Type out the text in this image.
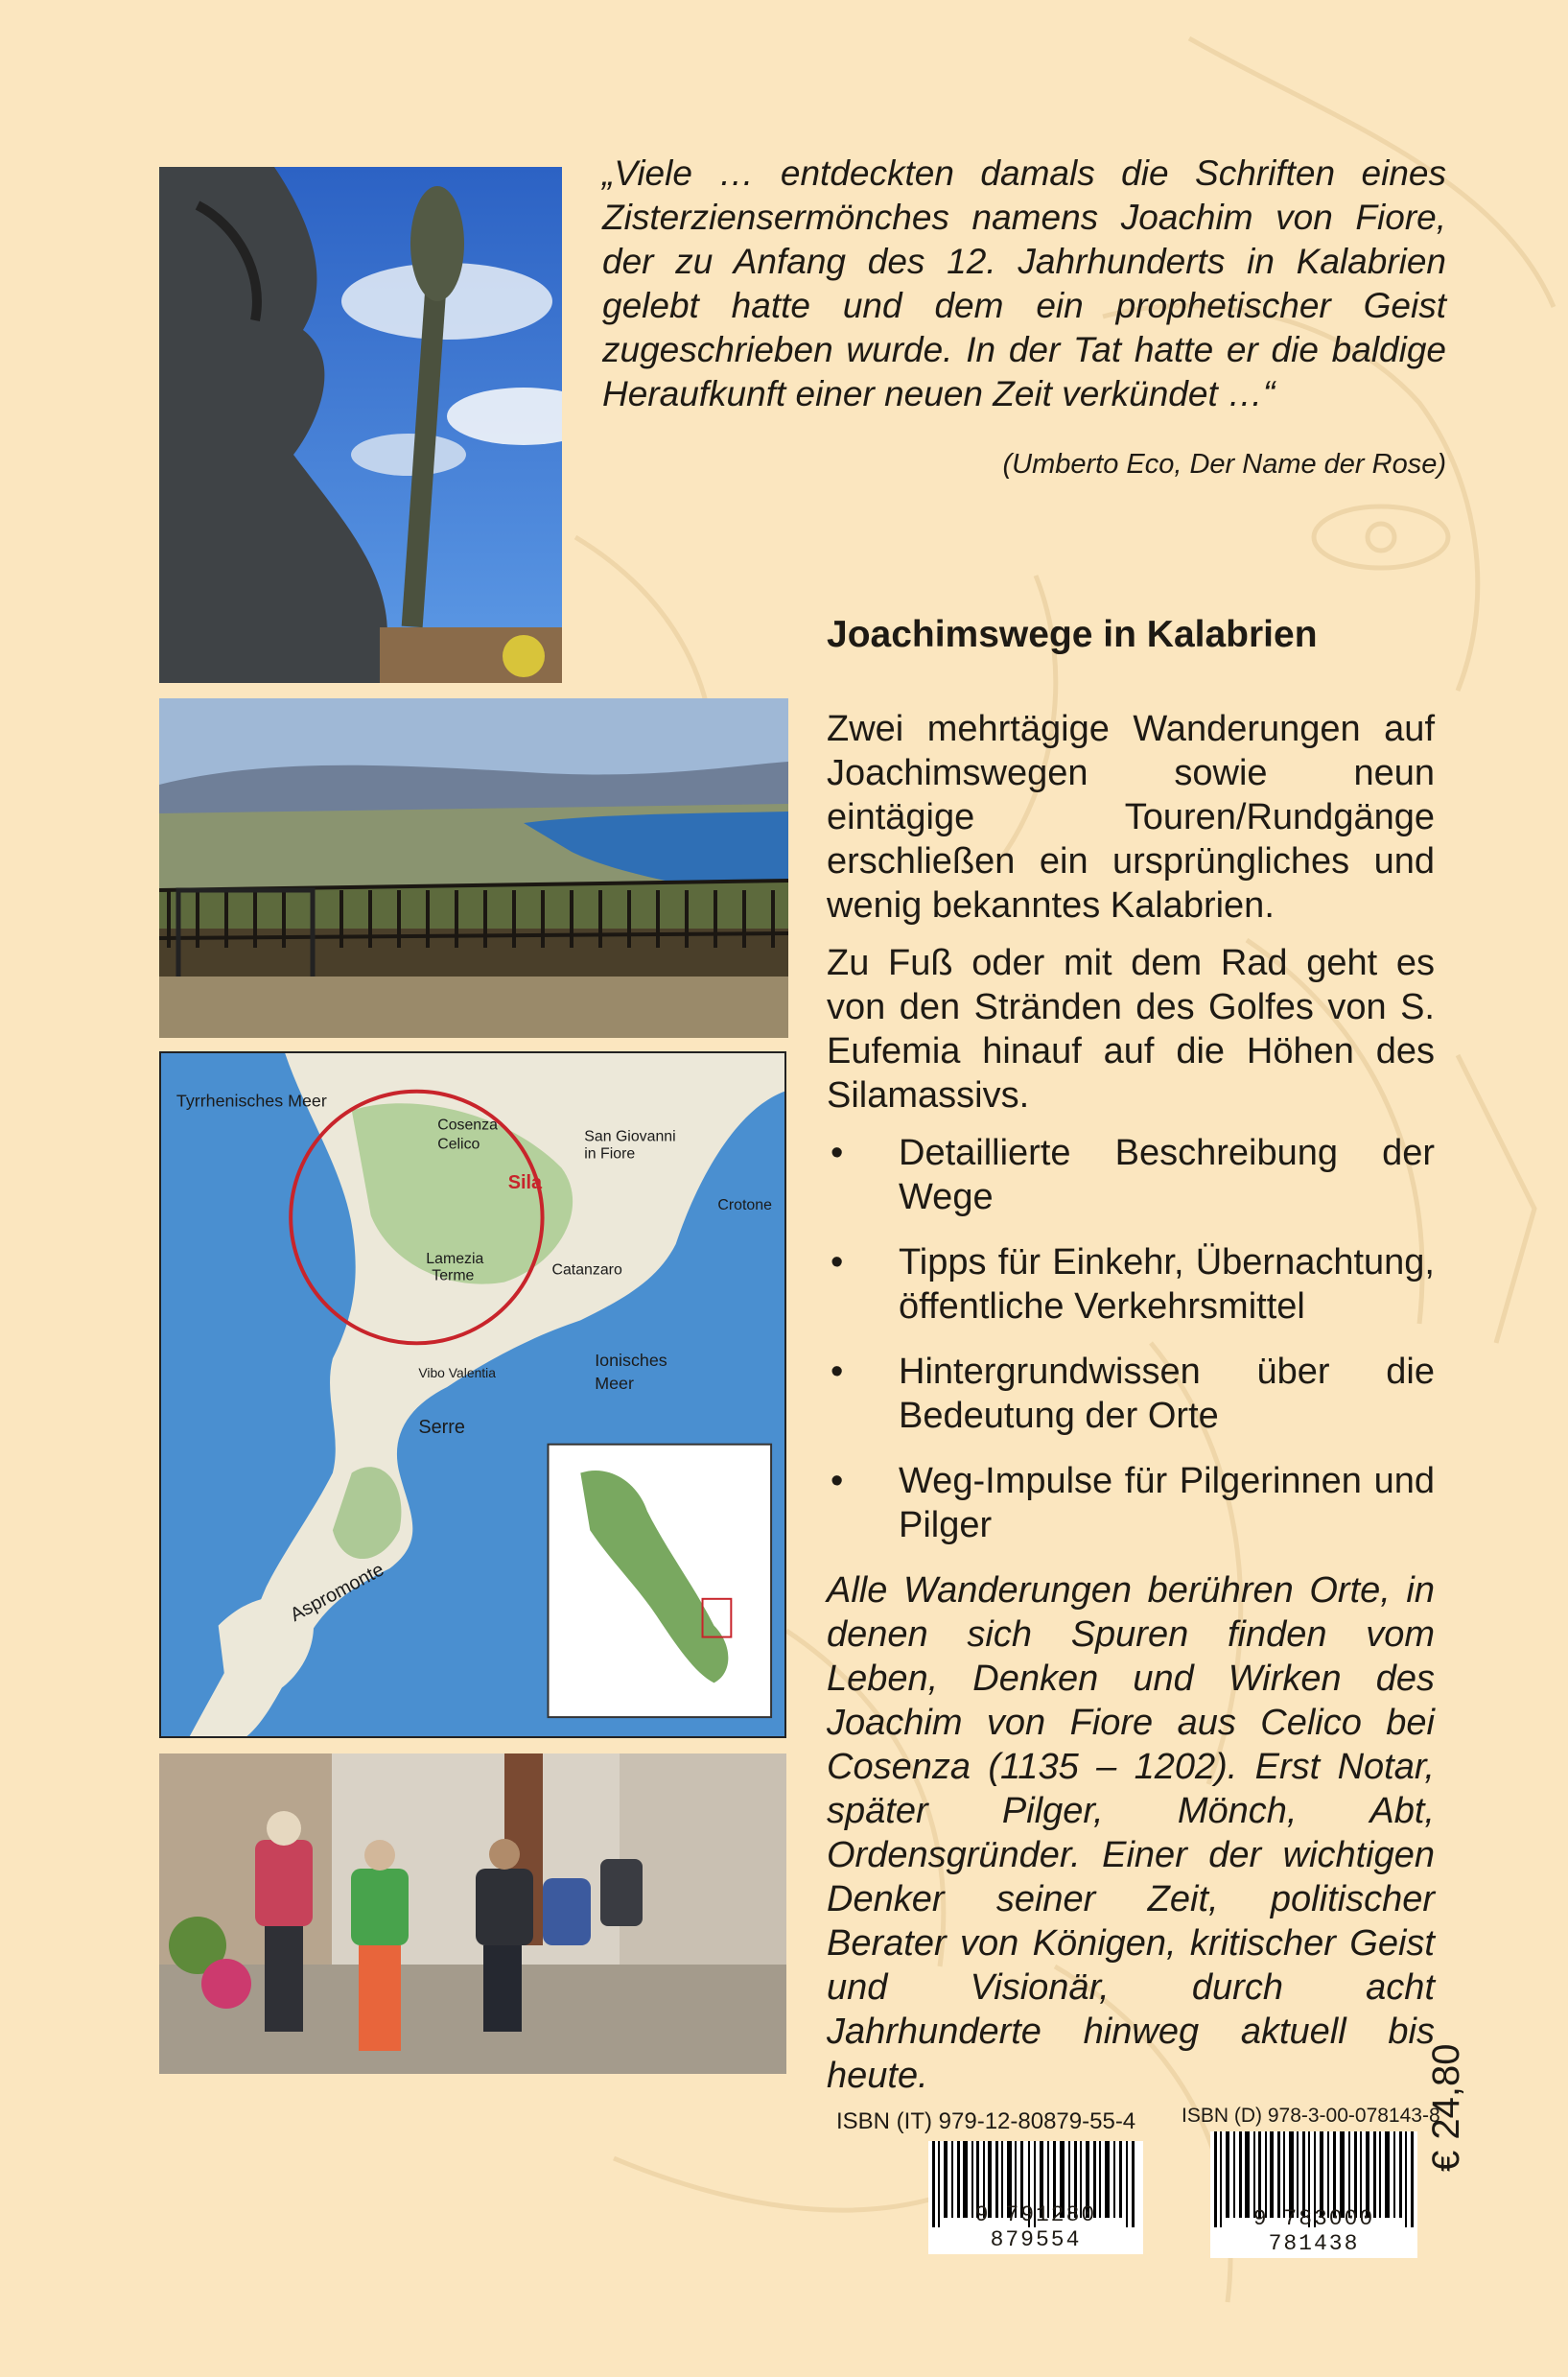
„Viele … entdeckten damals die Schriften eines Zisterziensermönches namens Joachim von Fiore, der zu Anfang des 12. Jahrhunderts in Kalabrien gelebt hatte und dem ein prophetischer Geist zugeschrieben wurde. In der Tat hatte er die baldige Heraufkunft einer neuen Zeit verkündet …“
(Umberto Eco, Der Name der Rose)
Tyrrhenisches Meer
Ionisches
Meer
Cosenza
Celico	San Giovanni
in Fiore
Sila
Crotone
Lamezia
Terme	Catanzaro
Vibo Valentia
Serre
Aspromonte
Joachimswege in Kalabrien

Zwei mehrtägige Wanderungen auf Joachimswegen sowie neun eintägige Touren/Rundgänge erschließen ein ursprüngliches und wenig bekanntes Kalabrien.

Zu Fuß oder mit dem Rad geht es von den Stränden des Golfes von S. Eufemia hinauf auf die Höhen des Silamassivs.

• Detaillierte Beschreibung der Wege
• Tipps für Einkehr, Übernachtung, öffentliche Verkehrsmittel
• Hintergrundwissen über die Bedeutung der Orte
• Weg-Impulse für Pilgerinnen und Pilger

Alle Wanderungen berühren Orte, in denen sich Spuren finden vom Leben, Denken und Wirken des Joachim von Fiore aus Celico bei Cosenza (1135 – 1202). Erst Notar, später Pilger, Mönch, Abt, Ordensgründer. Einer der wichtigen Denker seiner Zeit, politischer Berater von Königen, kritischer Geist und Visionär, durch acht Jahrhunderte hinweg aktuell bis heute.

ISBN (IT) 979-12-80879-55-4 ISBN (D) 978-3-00-078143-8
9 791280 879554
9 783000 781438
€ 24,80
